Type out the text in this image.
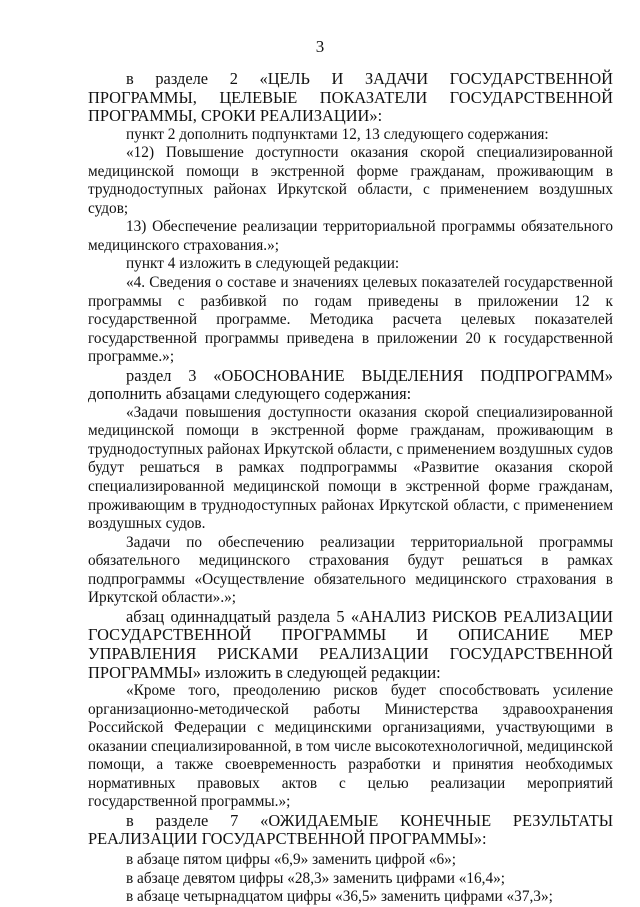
3

в разделе 2 «ЦЕЛЬ И ЗАДАЧИ ГОСУДАРСТВЕННОЙ ПРОГРАММЫ, ЦЕЛЕВЫЕ ПОКАЗАТЕЛИ ГОСУДАРСТВЕННОЙ ПРОГРАММЫ, СРОКИ РЕАЛИЗАЦИИ»:

пункт 2 дополнить подпунктами 12, 13 следующего содержания:

«12) Повышение доступности оказания скорой специализированной медицинской помощи в экстренной форме гражданам, проживающим в труднодоступных районах Иркутской области, с применением воздушных судов;

13) Обеспечение реализации территориальной программы обязательного медицинского страхования.»;

пункт 4 изложить в следующей редакции:

«4. Сведения о составе и значениях целевых показателей государственной программы с разбивкой по годам приведены в приложении 12 к государственной программе. Методика расчета целевых показателей государственной программы приведена в приложении 20 к государственной программе.»;

раздел 3 «ОБОСНОВАНИЕ ВЫДЕЛЕНИЯ ПОДПРОГРАММ» дополнить абзацами следующего содержания:

«Задачи повышения доступности оказания скорой специализированной медицинской помощи в экстренной форме гражданам, проживающим в труднодоступных районах Иркутской области, с применением воздушных судов будут решаться в рамках подпрограммы «Развитие оказания скорой специализированной медицинской помощи в экстренной форме гражданам, проживающим в труднодоступных районах Иркутской области, с применением воздушных судов.

Задачи по обеспечению реализации территориальной программы обязательного медицинского страхования будут решаться в рамках подпрограммы «Осуществление обязательного медицинского страхования в Иркутской области».»;

абзац одиннадцатый раздела 5 «АНАЛИЗ РИСКОВ РЕАЛИЗАЦИИ ГОСУДАРСТВЕННОЙ ПРОГРАММЫ И ОПИСАНИЕ МЕР УПРАВЛЕНИЯ РИСКАМИ РЕАЛИЗАЦИИ ГОСУДАРСТВЕННОЙ ПРОГРАММЫ» изложить в следующей редакции:

«Кроме того, преодолению рисков будет способствовать усиление организационно-методической работы Министерства здравоохранения Российской Федерации с медицинскими организациями, участвующими в оказании специализированной, в том числе высокотехнологичной, медицинской помощи, а также своевременность разработки и принятия необходимых нормативных правовых актов с целью реализации мероприятий государственной программы.»;

в разделе 7 «ОЖИДАЕМЫЕ КОНЕЧНЫЕ РЕЗУЛЬТАТЫ РЕАЛИЗАЦИИ ГОСУДАРСТВЕННОЙ ПРОГРАММЫ»:

в абзаце пятом цифры «6,9» заменить цифрой «6»;

в абзаце девятом цифры «28,3» заменить цифрами «16,4»;

в абзаце четырнадцатом цифры «36,5» заменить цифрами «37,3»;
